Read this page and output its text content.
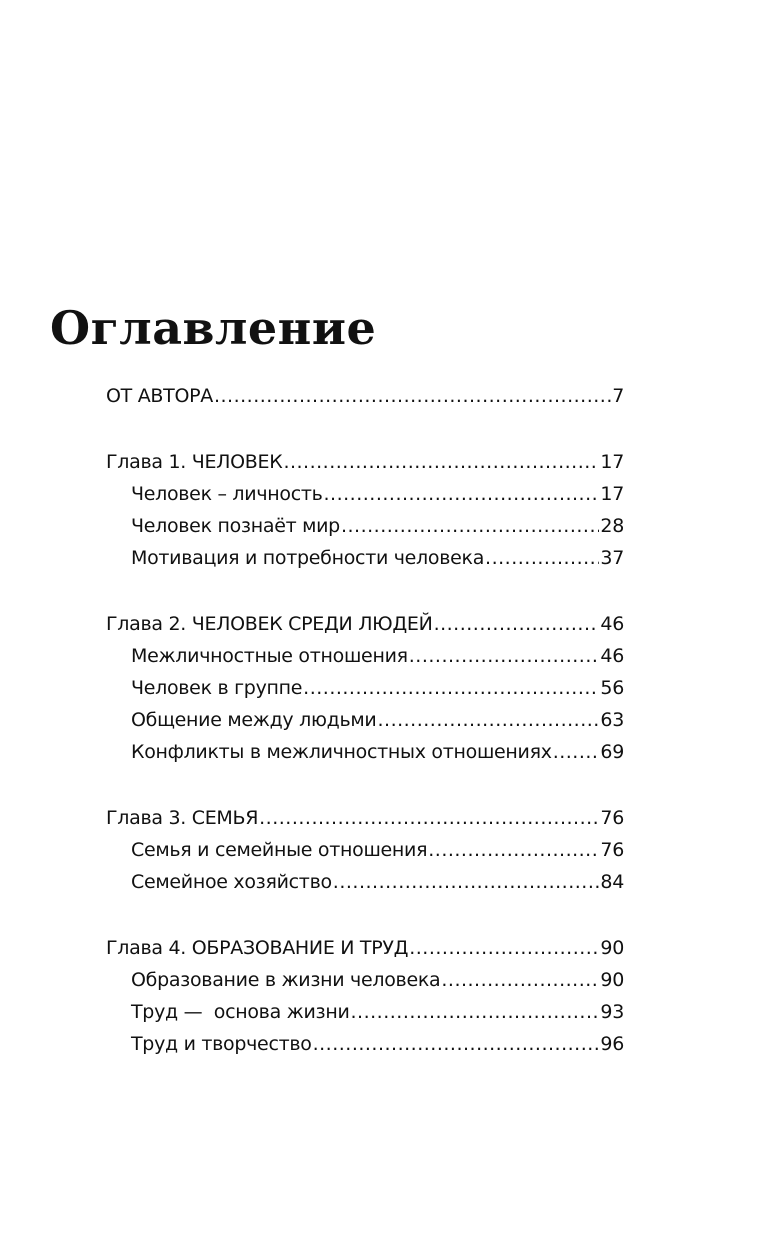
Оглавление
ОТ АВТОРА .....	7
Глава 1. ЧЕЛОВЕК .....	17
Человек – личность .....	17
Человек познаёт мир .....	28
Мотивация и потребности человека .....	37
Глава 2. ЧЕЛОВЕК СРЕДИ ЛЮДЕЙ .....	46
Межличностные отношения .....	46
Человек в группе .....	56
Общение между людьми .....	63
Конфликты в межличностных отношениях .....	69
Глава 3. СЕМЬЯ .....	76
Семья и семейные отношения .....	76
Семейное хозяйство .....	84
Глава 4. ОБРАЗОВАНИЕ И ТРУД .....	90
Образование в жизни человека .....	90
Труд —  основа жизни .....	93
Труд и творчество .....	96
